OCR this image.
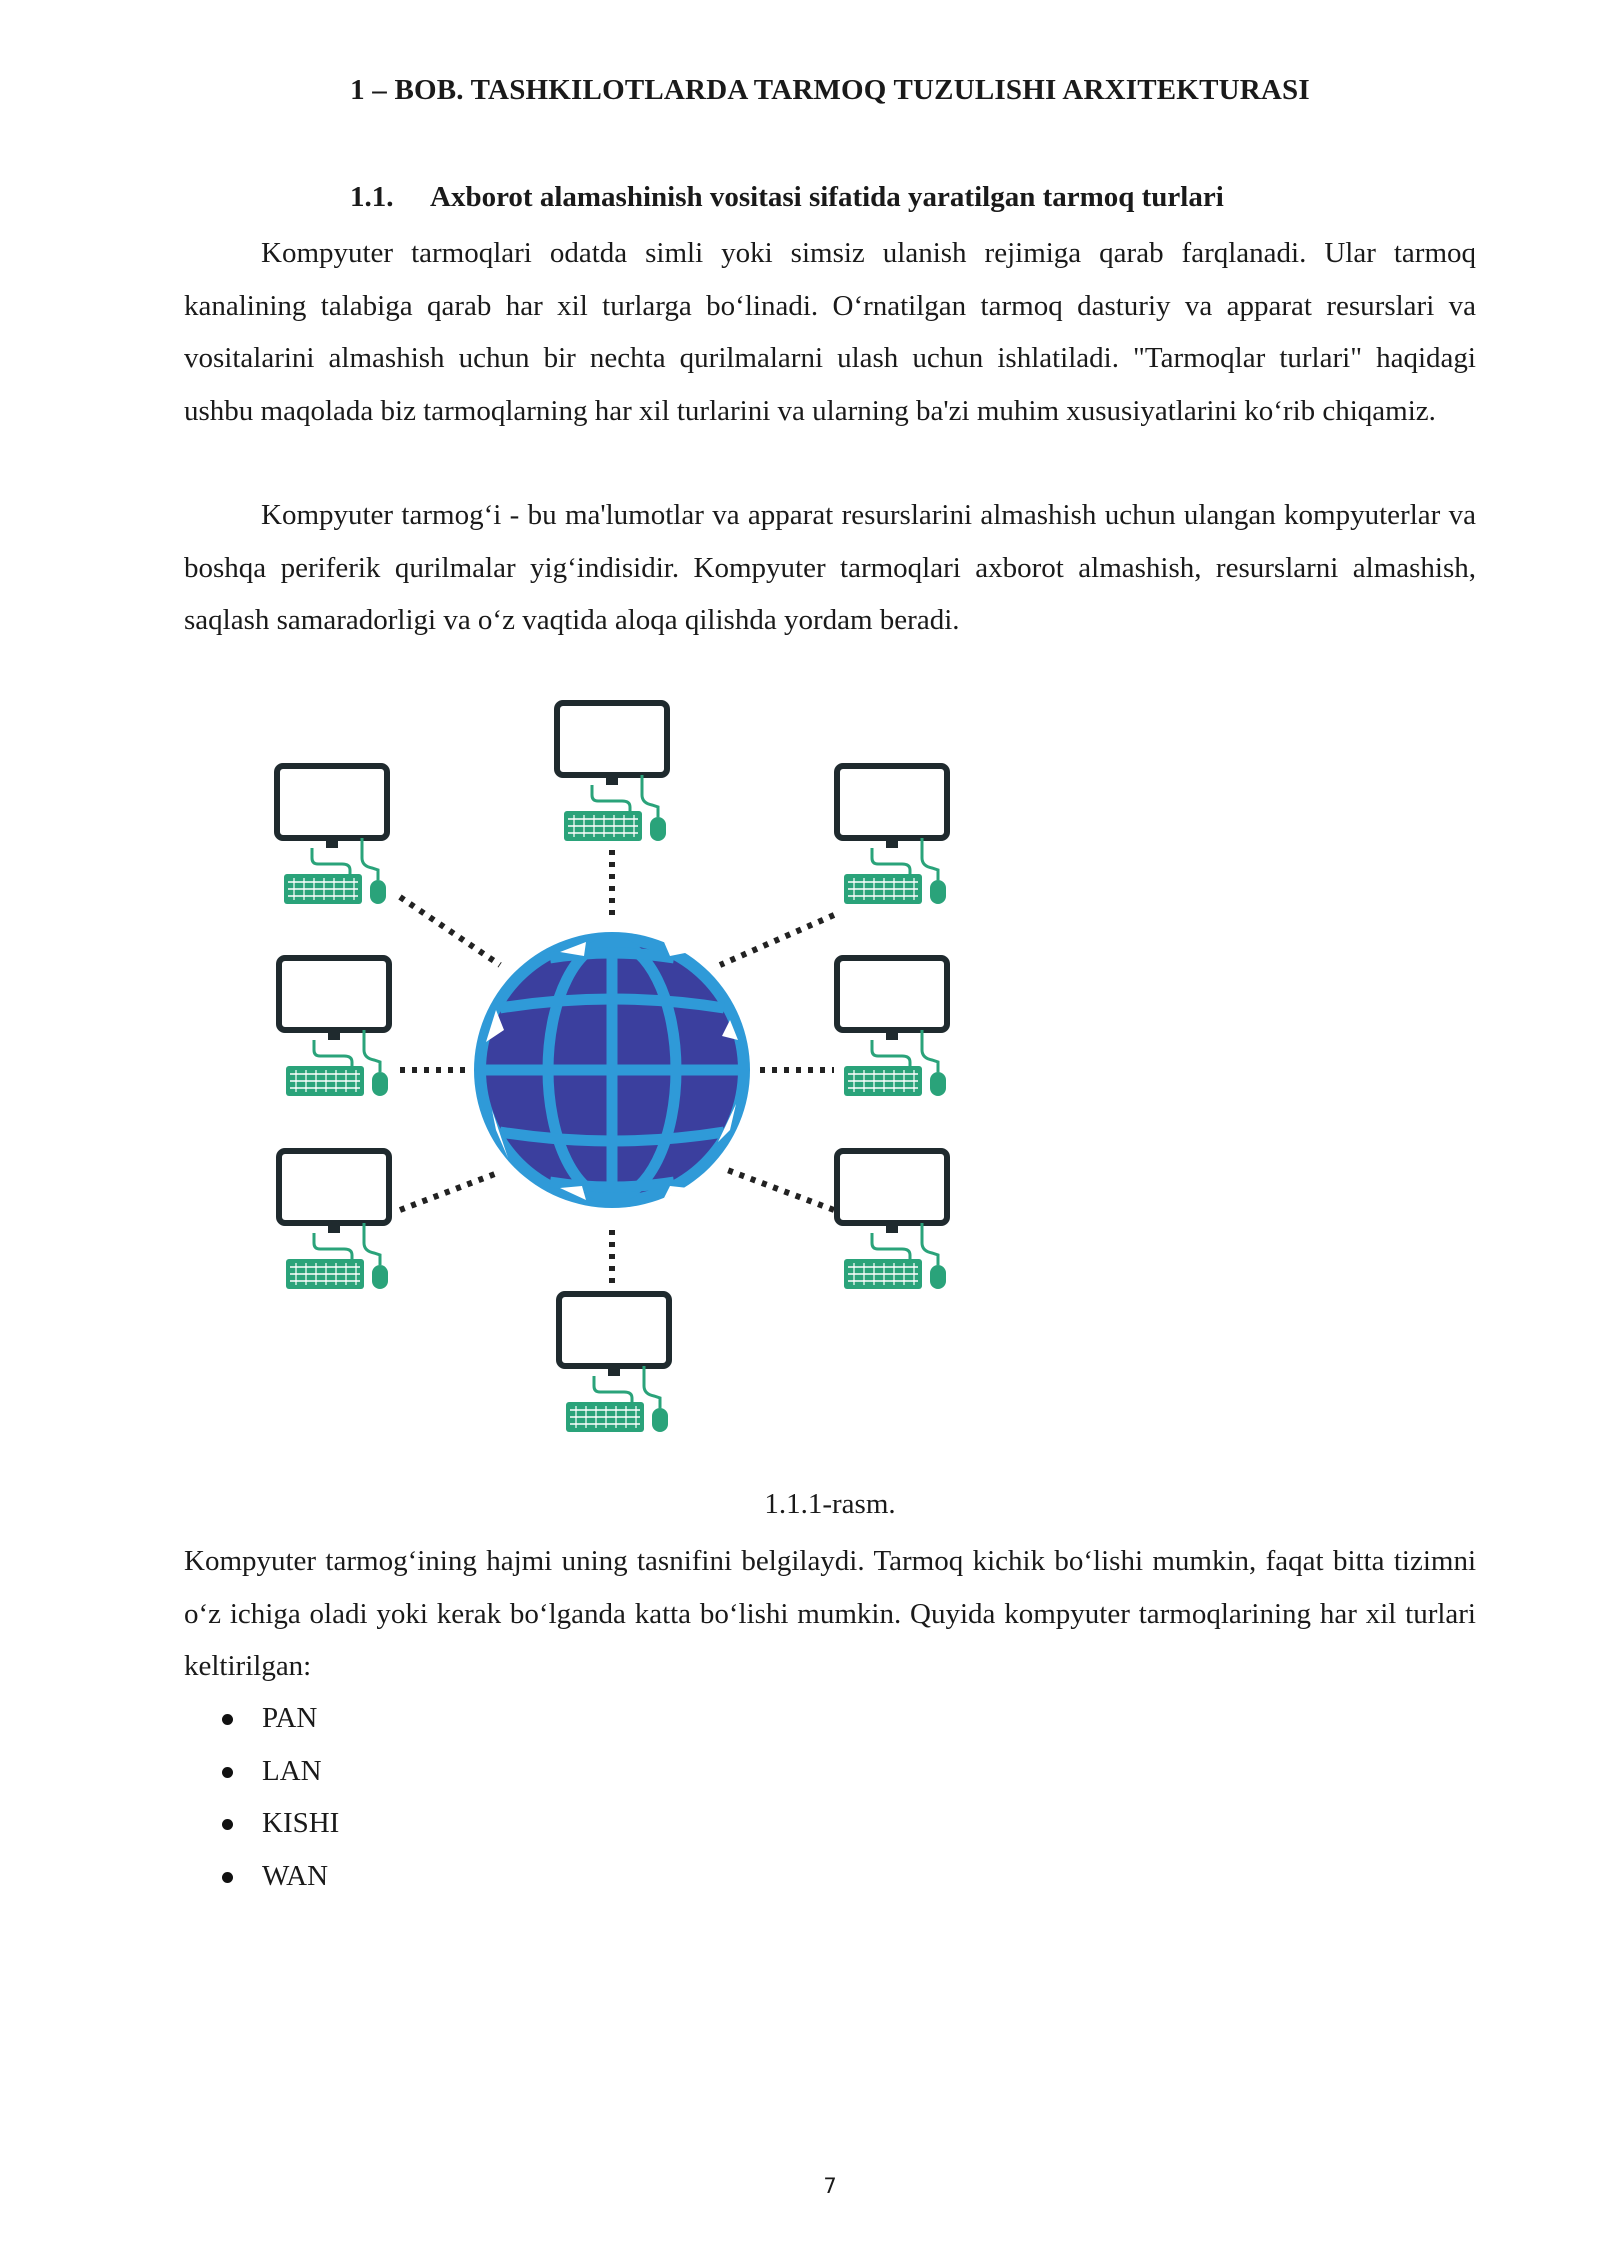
1 – BOB. TASHKILOTLARDA TARMOQ TUZULISHI ARXITEKTURASI
1.1. Axborot alamashinish vositasi sifatida yaratilgan tarmoq turlari

Kompyuter tarmoqlari odatda simli yoki simsiz ulanish rejimiga qarab farqlanadi. Ular tarmoq kanalining talabiga qarab har xil turlarga bo‘linadi. O‘rnatilgan tarmoq dasturiy va apparat resurslari va vositalarini almashish uchun bir nechta qurilmalarni ulash uchun ishlatiladi. "Tarmoqlar turlari" haqidagi ushbu maqolada biz tarmoqlarning har xil turlarini va ularning ba'zi muhim xususiyatlarini ko‘rib chiqamiz.

Kompyuter tarmog‘i - bu ma'lumotlar va apparat resurslarini almashish uchun ulangan kompyuterlar va boshqa periferik qurilmalar yig‘indisidir. Kompyuter tarmoqlari axborot almashish, resurslarni almashish, saqlash samaradorligi va o‘z vaqtida aloqa qilishda yordam beradi.

1.1.1-rasm.

Kompyuter tarmog‘ining hajmi uning tasnifini belgilaydi. Tarmoq kichik bo‘lishi mumkin, faqat bitta tizimni o‘z ichiga oladi yoki kerak bo‘lganda katta bo‘lishi mumkin. Quyida kompyuter tarmoqlarining har xil turlari keltirilgan:

PAN
LAN
KISHI
WAN
7
